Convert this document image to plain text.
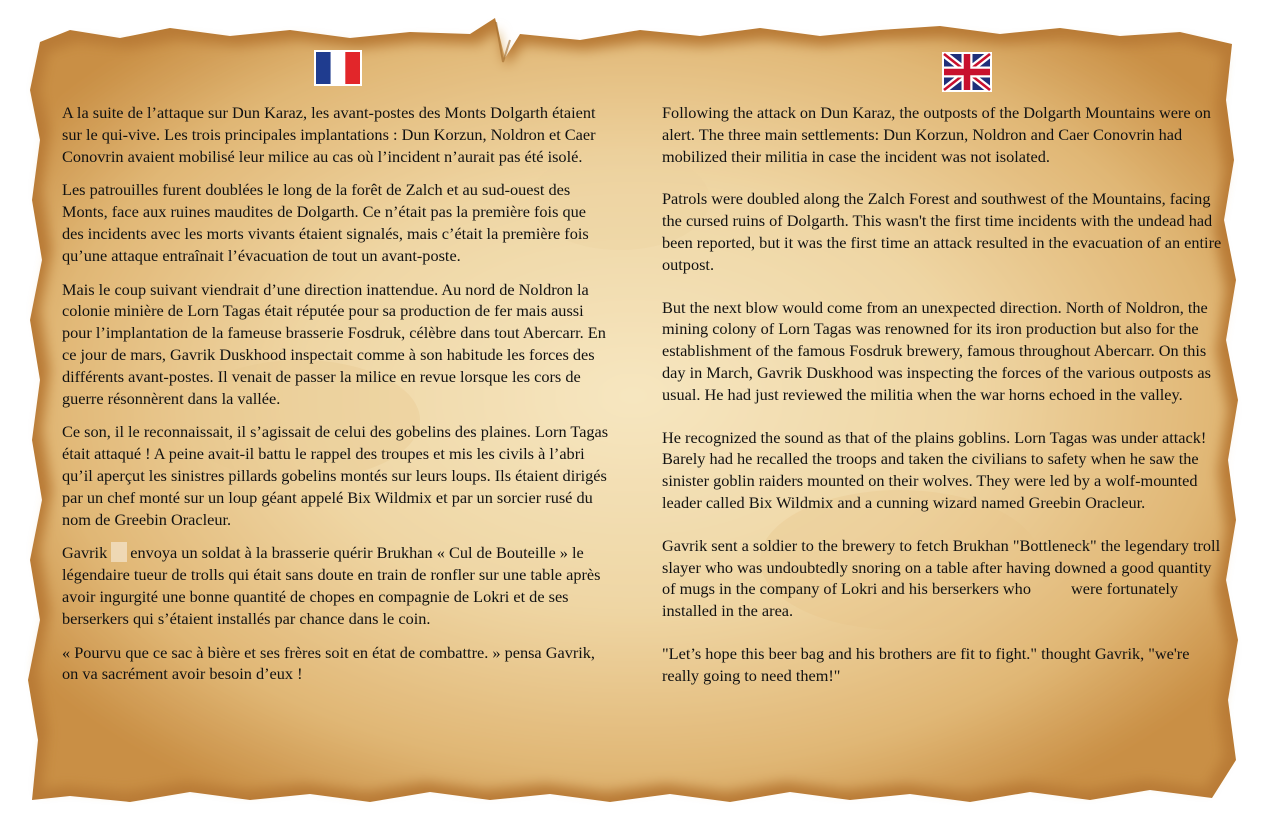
A la suite de l’attaque sur Dun Karaz, les avant-postes des Monts Dolgarth étaient sur le qui-vive. Les trois principales implantations : Dun Korzun, Noldron et Caer Conovrin avaient mobilisé leur milice au cas où l’incident n’aurait pas été isolé.

Les patrouilles furent doublées le long de la forêt de Zalch et au sud-ouest des Monts, face aux ruines maudites de Dolgarth. Ce n’était pas la première fois que des incidents avec les morts vivants étaient signalés, mais c’était la première fois qu’une attaque entraînait l’évacuation de tout un avant-poste.

Mais le coup suivant viendrait d’une direction inattendue. Au nord de Noldron la colonie minière de Lorn Tagas était réputée pour sa production de fer mais aussi pour l’implantation de la fameuse brasserie Fosdruk, célèbre dans tout Abercarr. En ce jour de mars, Gavrik Duskhood inspectait comme à son habitude les forces des différents avant-postes. Il venait de passer la milice en revue lorsque les cors de guerre résonnèrent dans la vallée.

Ce son, il le reconnaissait, il s’agissait de celui des gobelins des plaines. Lorn Tagas était attaqué ! A peine avait-il battu le rappel des troupes et mis les civils à l’abri qu’il aperçut les sinistres pillards gobelins montés sur leurs loups. Ils étaient dirigés par un chef monté sur un loup géant appelé Bix Wildmix et par un sorcier rusé du nom de Greebin Oracleur.

Gavrik envoya un soldat à la brasserie quérir Brukhan « Cul de Bouteille » le légendaire tueur de trolls qui était sans doute en train de ronfler sur une table après avoir ingurgité une bonne quantité de chopes en compagnie de Lokri et de ses berserkers qui s’étaient installés par chance dans le coin.

« Pourvu que ce sac à bière et ses frères soit en état de combattre. » pensa Gavrik, on va sacrément avoir besoin d’eux !

Following the attack on Dun Karaz, the outposts of the Dolgarth Mountains were on alert. The three main settlements: Dun Korzun, Noldron and Caer Conovrin had mobilized their militia in case the incident was not isolated.

Patrols were doubled along the Zalch Forest and southwest of the Mountains, facing the cursed ruins of Dolgarth. This wasn't the first time incidents with the undead had been reported, but it was the first time an attack resulted in the evacuation of an entire outpost.

But the next blow would come from an unexpected direction. North of Noldron, the mining colony of Lorn Tagas was renowned for its iron production but also for the establishment of the famous Fosdruk brewery, famous throughout Abercarr. On this day in March, Gavrik Duskhood was inspecting the forces of the various outposts as usual. He had just reviewed the militia when the war horns echoed in the valley.

He recognized the sound as that of the plains goblins. Lorn Tagas was under attack! Barely had he recalled the troops and taken the civilians to safety when he saw the sinister goblin raiders mounted on their wolves. They were led by a wolf-mounted leader called Bix Wildmix and a cunning wizard named Greebin Oracleur.

Gavrik sent a soldier to the brewery to fetch Brukhan "Bottleneck" the legendary troll slayer who was undoubtedly snoring on a table after having downed a good quantity of mugs in the company of Lokri and his berserkers who were fortunately installed in the area.

"Let’s hope this beer bag and his brothers are fit to fight." thought Gavrik, "we're really going to need them!"
